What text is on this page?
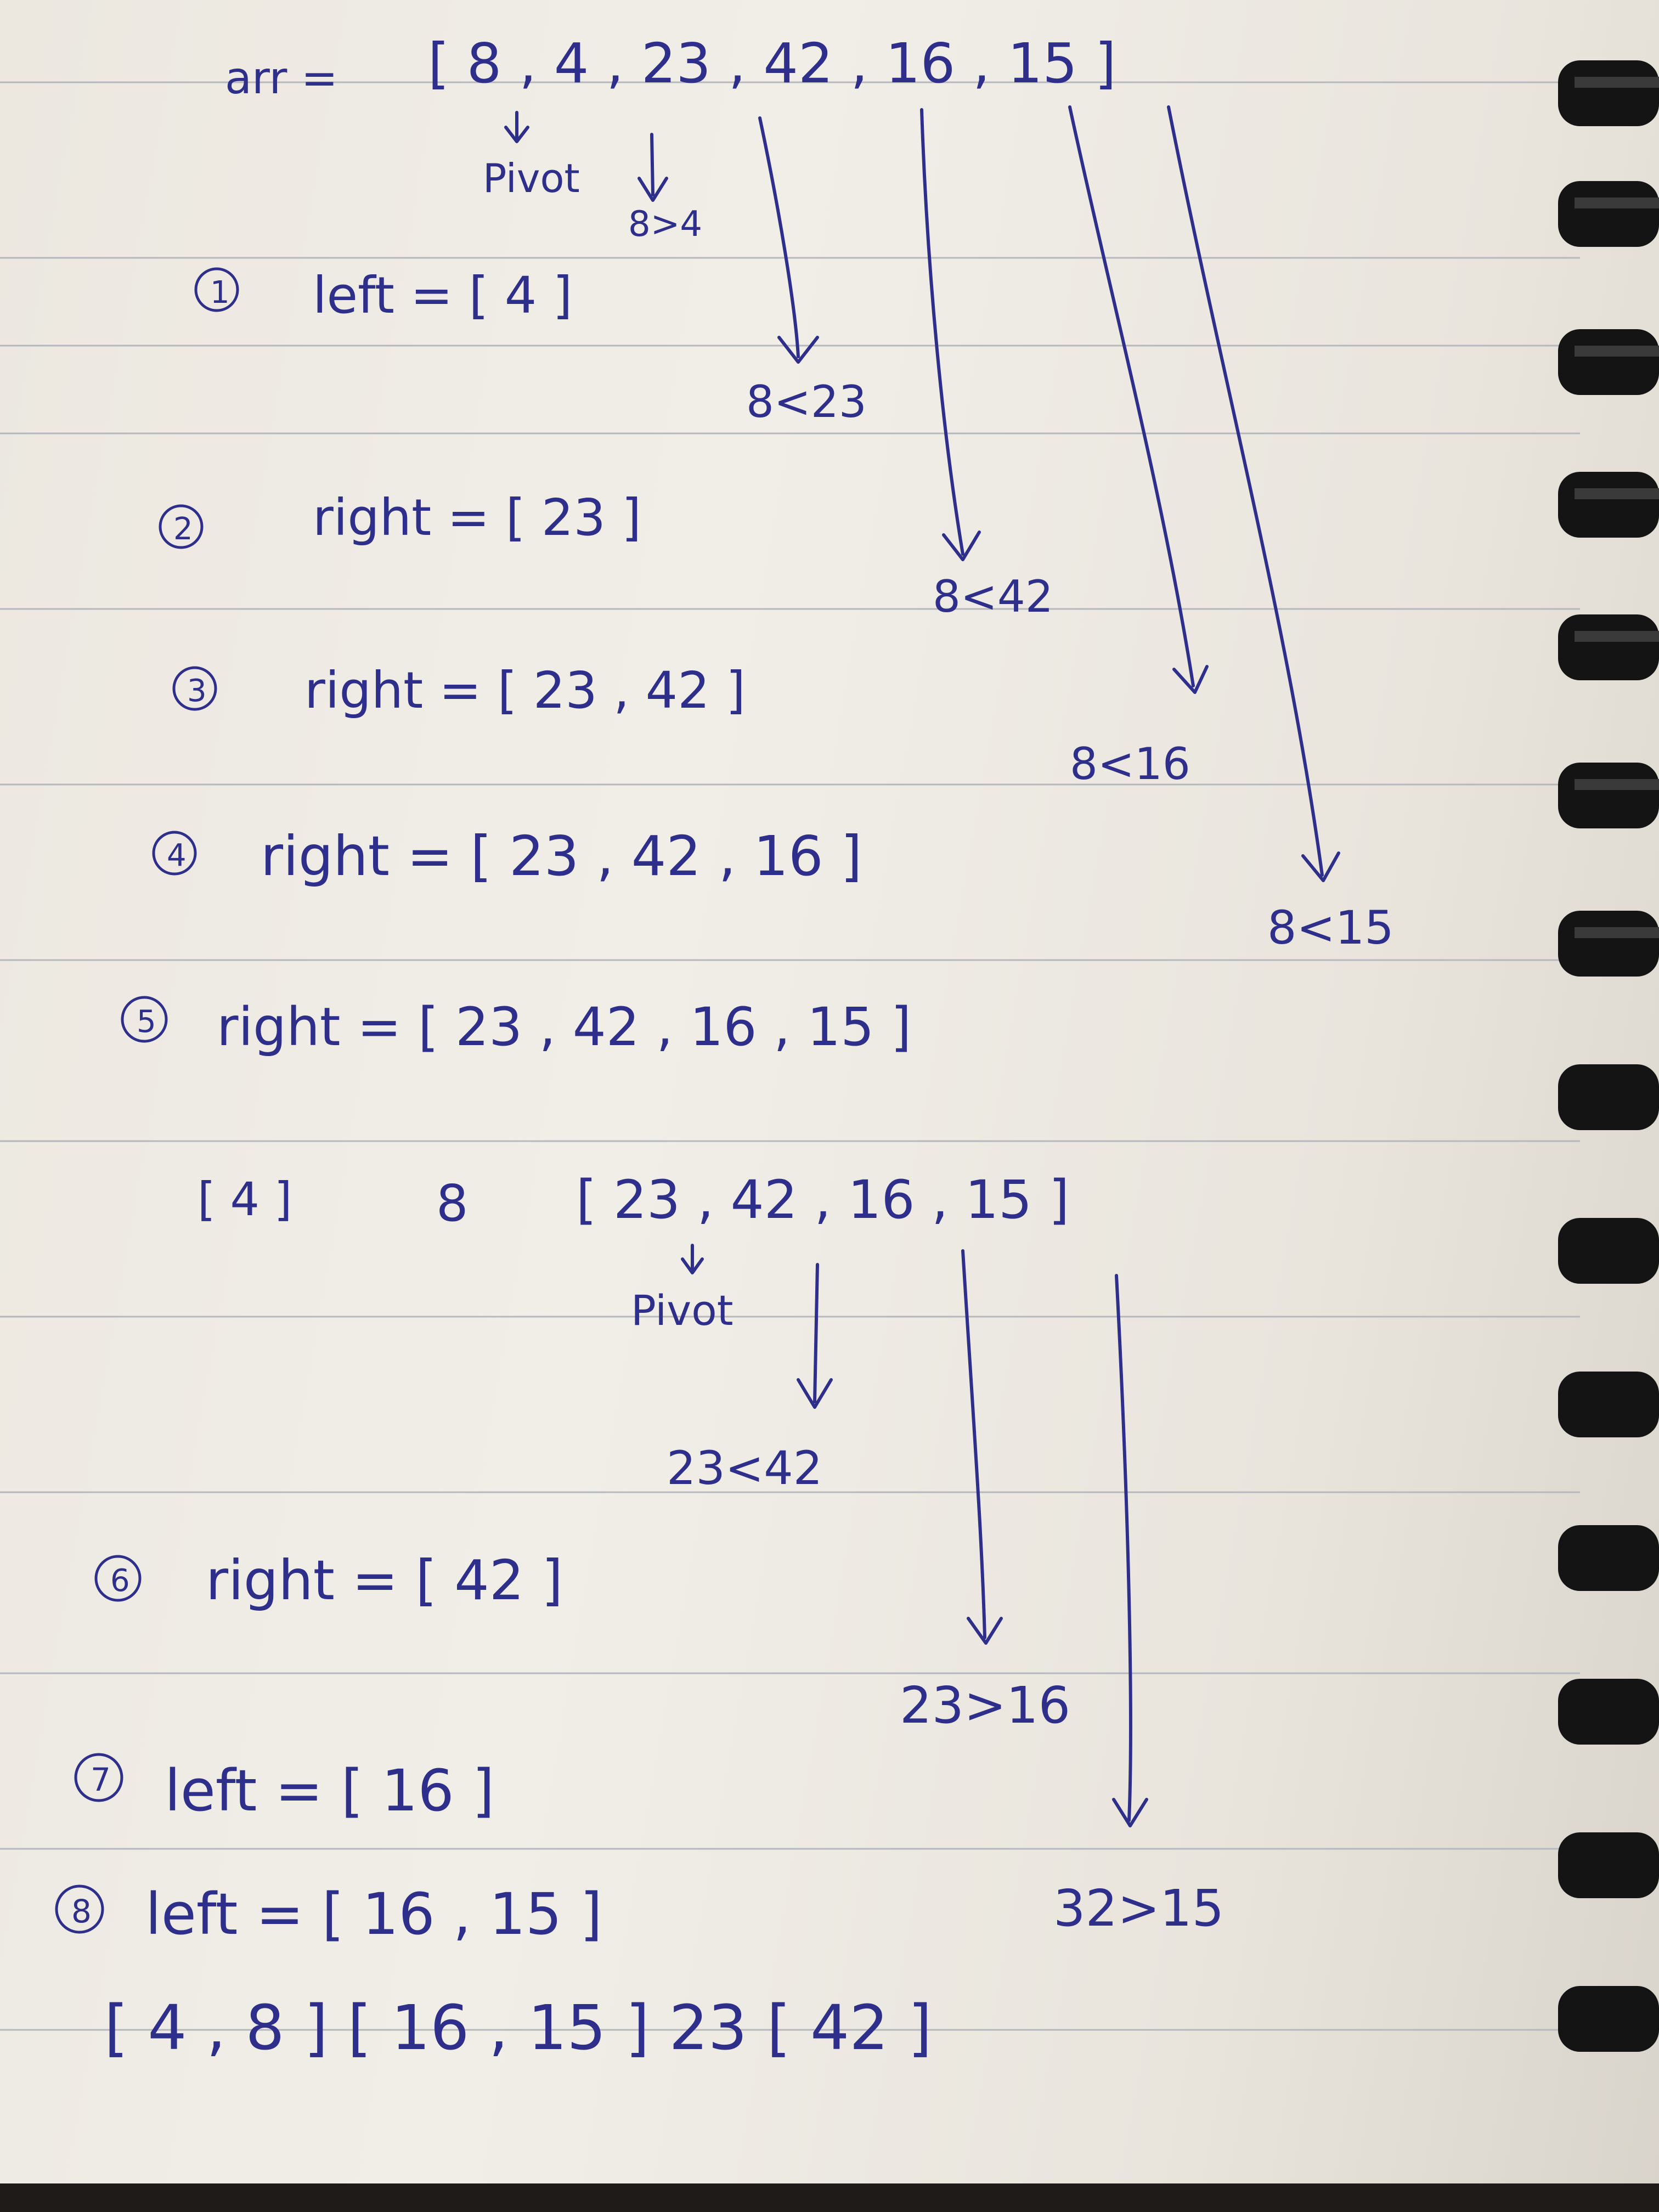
arr = [ 8 , 4 , 23 , 42 , 16 , 15 ]
Pivot
8>4
1 left = [ 4 ]
8<23
2 right = [ 23 ]
8<42
3 right = [ 23 , 42 ]
8<16
4 right = [ 23 , 42 , 16 ]
8<15
5 right = [ 23 , 42 , 16 , 15 ]
[ 4 ]	8 [ 23 , 42 , 16 , 15 ]
Pivot
23<42
6 right = [ 42 ]
23>16
7 left = [ 16 ]
8 left = [ 16 , 15 ]	32>15
[ 4 , 8 ] [ 16 , 15 ] 23 [ 42 ]
